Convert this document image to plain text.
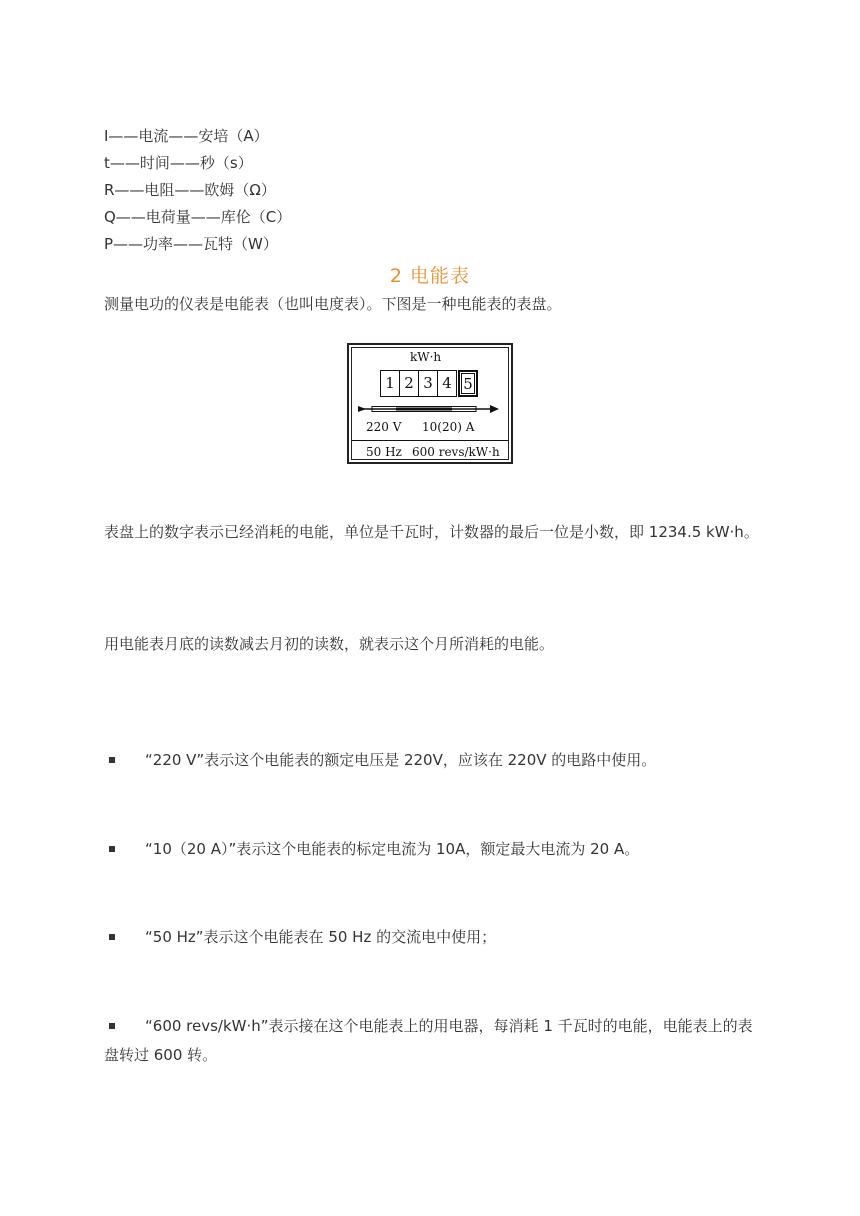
I——电流——安培（A）
t——时间——秒（s）
R——电阻——欧姆（Ω）
Q——电荷量——库伦（C）
P——功率——瓦特（W）
2 电能表
测量电功的仪表是电能表（也叫电度表）。下图是一种电能表的表盘。
kW·h
1 2 3 4 5
220 V 10(20) A
50 Hz 600 revs/kW·h
表盘上的数字表示已经消耗的电能，单位是千瓦时，计数器的最后一位是小数，即 1234.5 kW·h。
用电能表月底的读数减去月初的读数，就表示这个月所消耗的电能。
“220 V”表示这个电能表的额定电压是 220V，应该在 220V 的电路中使用。
“10（20 A）”表示这个电能表的标定电流为 10A，额定最大电流为 20 A。
“50 Hz”表示这个电能表在 50 Hz 的交流电中使用；
“600 revs/kW·h”表示接在这个电能表上的用电器，每消耗 1 千瓦时的电能，电能表上的表盘转过 600 转。
